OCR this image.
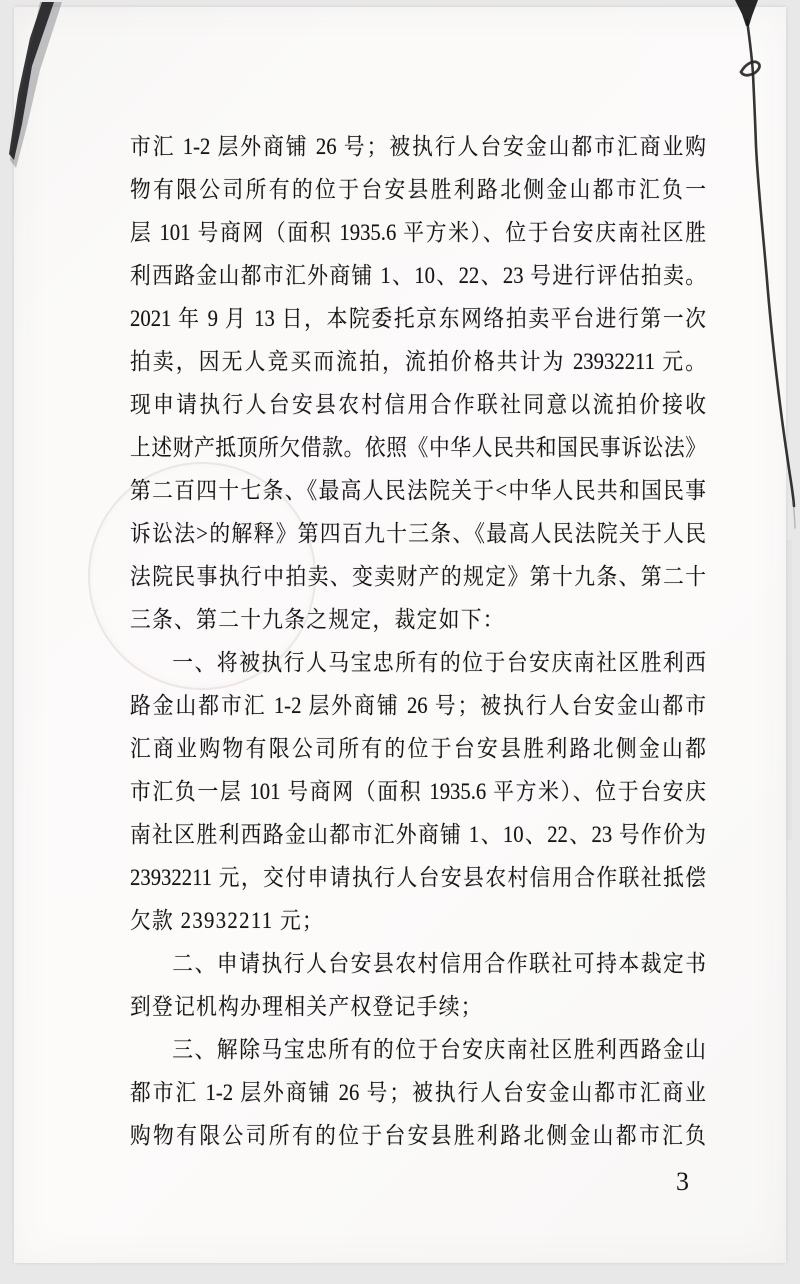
市汇 1-2 层外商铺 26 号；被执行人台安金山都市汇商业购
物有限公司所有的位于台安县胜利路北侧金山都市汇负一
层 101 号商网（面积 1935.6 平方米）、位于台安庆南社区胜
利西路金山都市汇外商铺 1、10、22、23 号进行评估拍卖。
2021 年 9 月 13 日，本院委托京东网络拍卖平台进行第一次
拍卖，因无人竞买而流拍，流拍价格共计为 23932211 元。
现申请执行人台安县农村信用合作联社同意以流拍价接收
上述财产抵顶所欠借款。依照《中华人民共和国民事诉讼法》
第二百四十七条、《最高人民法院关于<中华人民共和国民事
诉讼法>的解释》第四百九十三条、《最高人民法院关于人民
法院民事执行中拍卖、变卖财产的规定》第十九条、第二十
三条、第二十九条之规定，裁定如下：
一、将被执行人马宝忠所有的位于台安庆南社区胜利西
路金山都市汇 1-2 层外商铺 26 号；被执行人台安金山都市
汇商业购物有限公司所有的位于台安县胜利路北侧金山都
市汇负一层 101 号商网（面积 1935.6 平方米）、位于台安庆
南社区胜利西路金山都市汇外商铺 1、10、22、23 号作价为
23932211 元，交付申请执行人台安县农村信用合作联社抵偿
欠款 23932211 元；
二、申请执行人台安县农村信用合作联社可持本裁定书
到登记机构办理相关产权登记手续；
三、解除马宝忠所有的位于台安庆南社区胜利西路金山
都市汇 1-2 层外商铺 26 号；被执行人台安金山都市汇商业
购物有限公司所有的位于台安县胜利路北侧金山都市汇负
3
